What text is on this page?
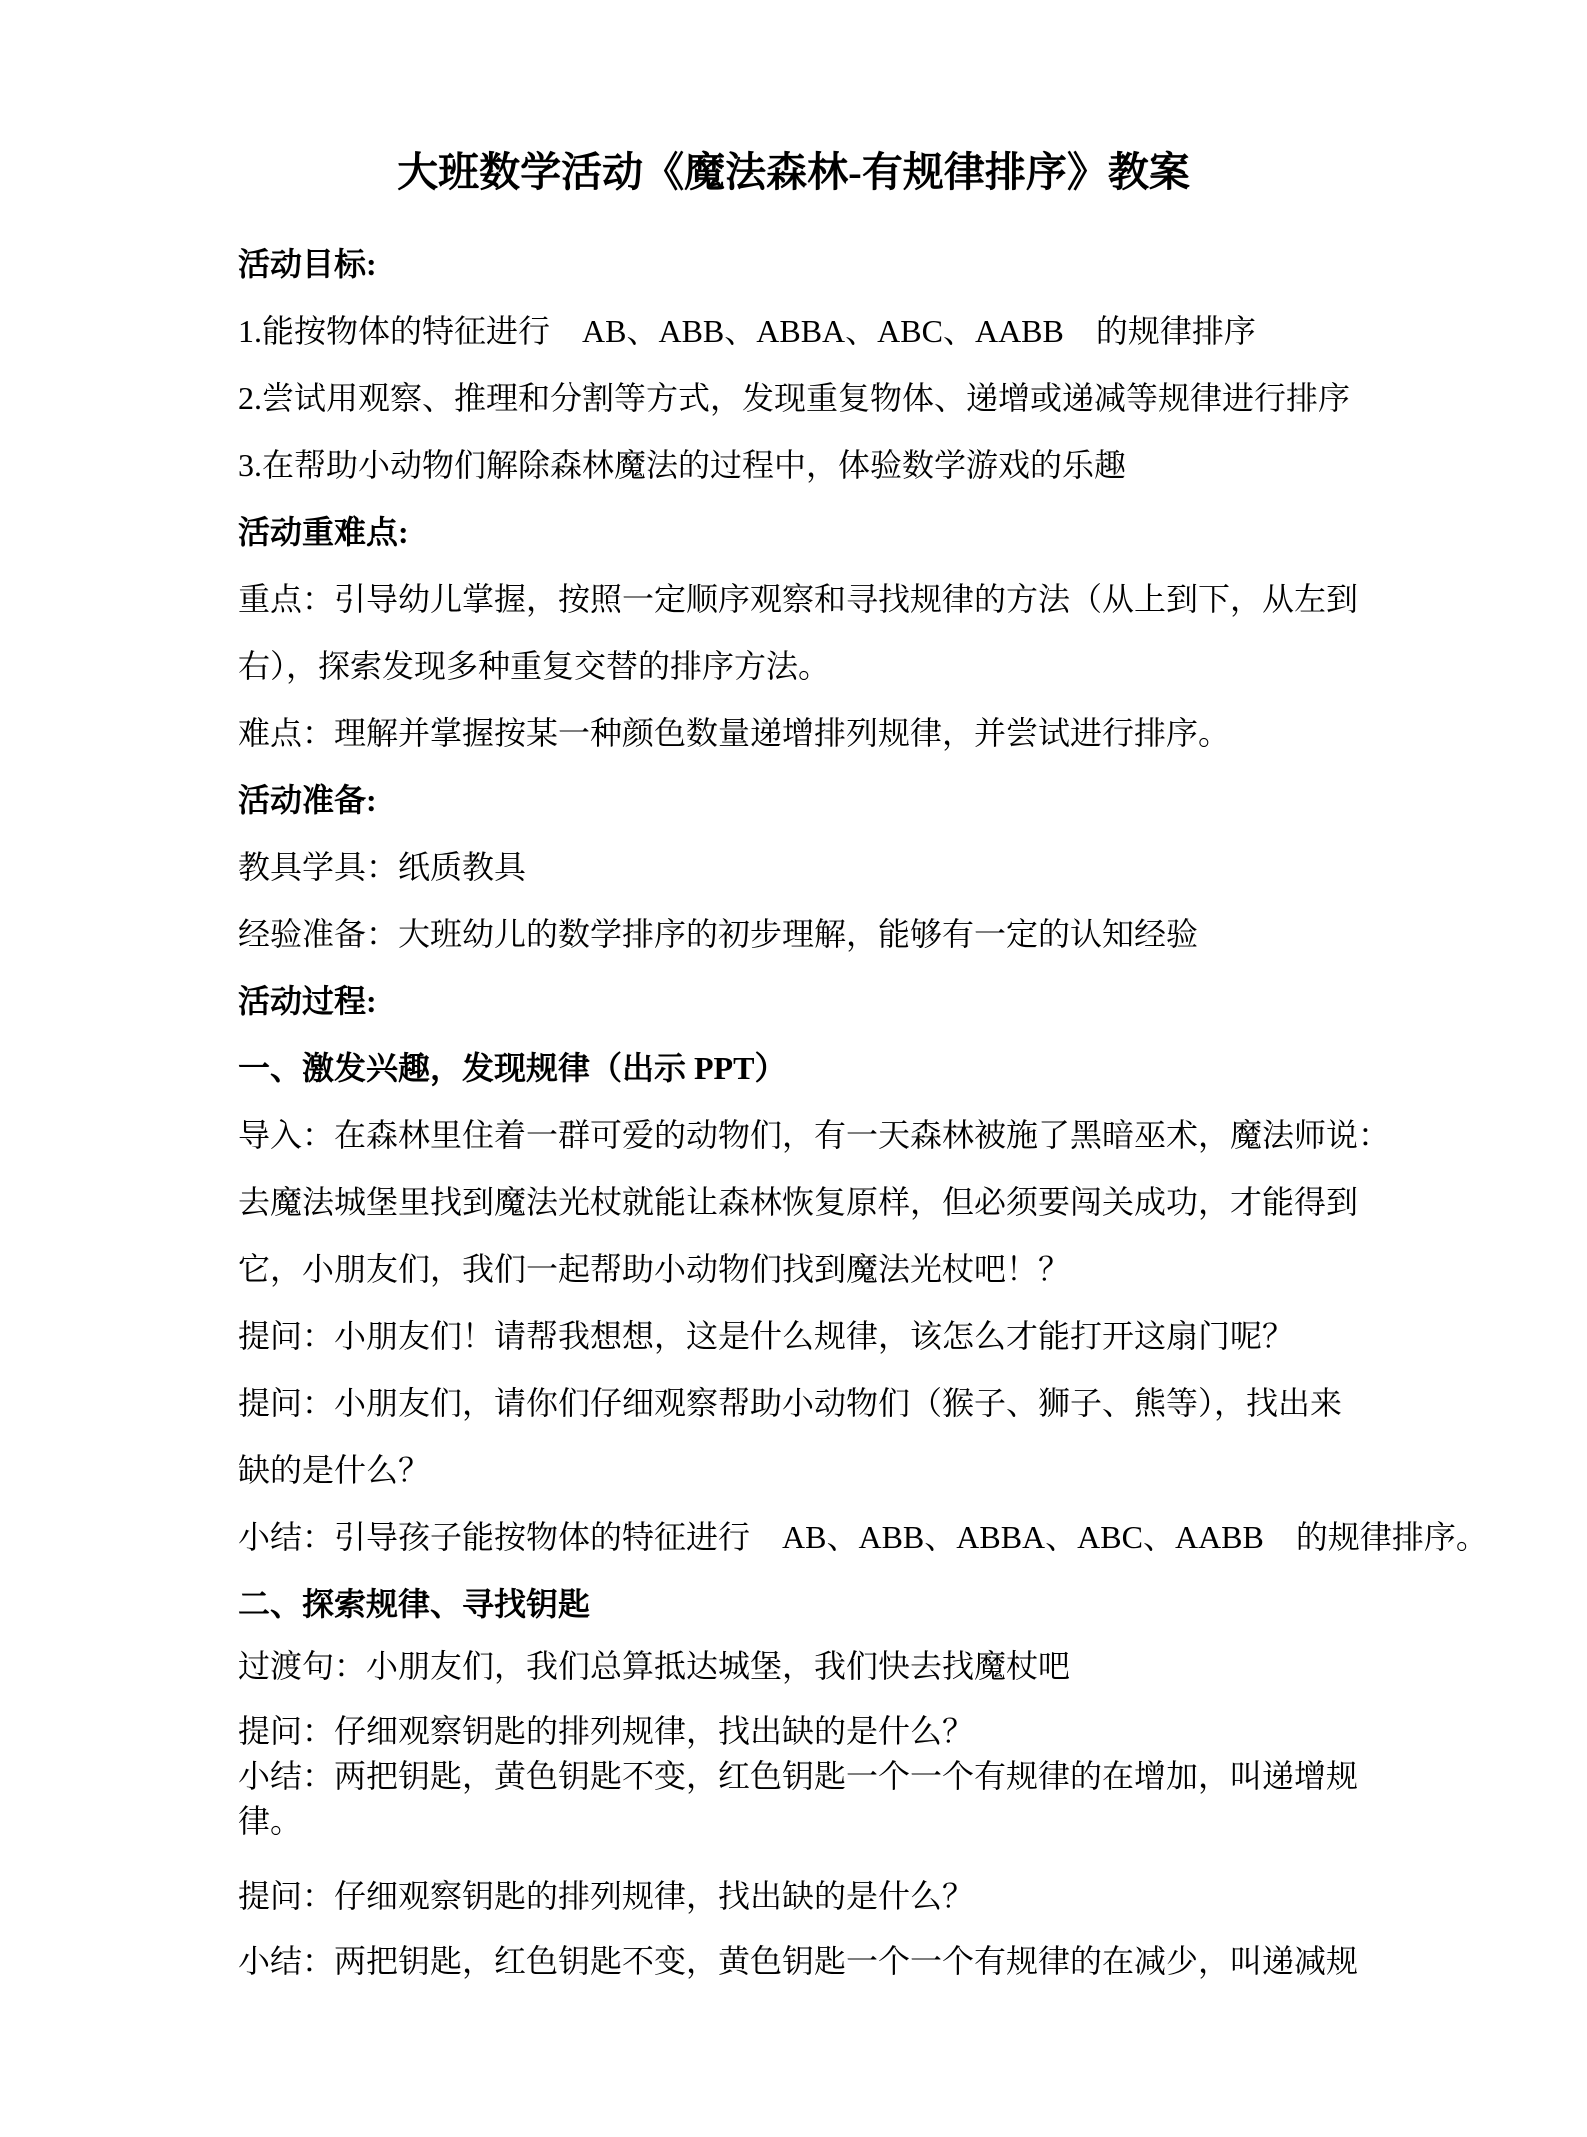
大班数学活动《魔法森林-有规律排序》教案

活动目标:

1.能按物体的特征进行　AB、ABB、ABBA、ABC、AABB　的规律排序

2.尝试用观察、推理和分割等方式，发现重复物体、递增或递减等规律进行排序

3.在帮助小动物们解除森林魔法的过程中，体验数学游戏的乐趣

活动重难点:

重点：引导幼儿掌握，按照一定顺序观察和寻找规律的方法（从上到下，从左到

右），探索发现多种重复交替的排序方法。

难点：理解并掌握按某一种颜色数量递增排列规律，并尝试进行排序。

活动准备:

教具学具：纸质教具

经验准备：大班幼儿的数学排序的初步理解，能够有一定的认知经验

活动过程:

一、激发兴趣，发现规律（出示 PPT）

导入：在森林里住着一群可爱的动物们，有一天森林被施了黑暗巫术，魔法师说：

去魔法城堡里找到魔法光杖就能让森林恢复原样，但必须要闯关成功，才能得到

它，小朋友们，我们一起帮助小动物们找到魔法光杖吧！？

提问：小朋友们！请帮我想想，这是什么规律，该怎么才能打开这扇门呢？

提问：小朋友们，请你们仔细观察帮助小动物们（猴子、狮子、熊等），找出来

缺的是什么？

小结：引导孩子能按物体的特征进行　AB、ABB、ABBA、ABC、AABB　的规律排序。

二、探索规律、寻找钥匙

过渡句：小朋友们，我们总算抵达城堡，我们快去找魔杖吧

提问：仔细观察钥匙的排列规律，找出缺的是什么？

小结：两把钥匙，黄色钥匙不变，红色钥匙一个一个有规律的在增加，叫递增规

律。

提问：仔细观察钥匙的排列规律，找出缺的是什么？

小结：两把钥匙，红色钥匙不变，黄色钥匙一个一个有规律的在减少，叫递减规
